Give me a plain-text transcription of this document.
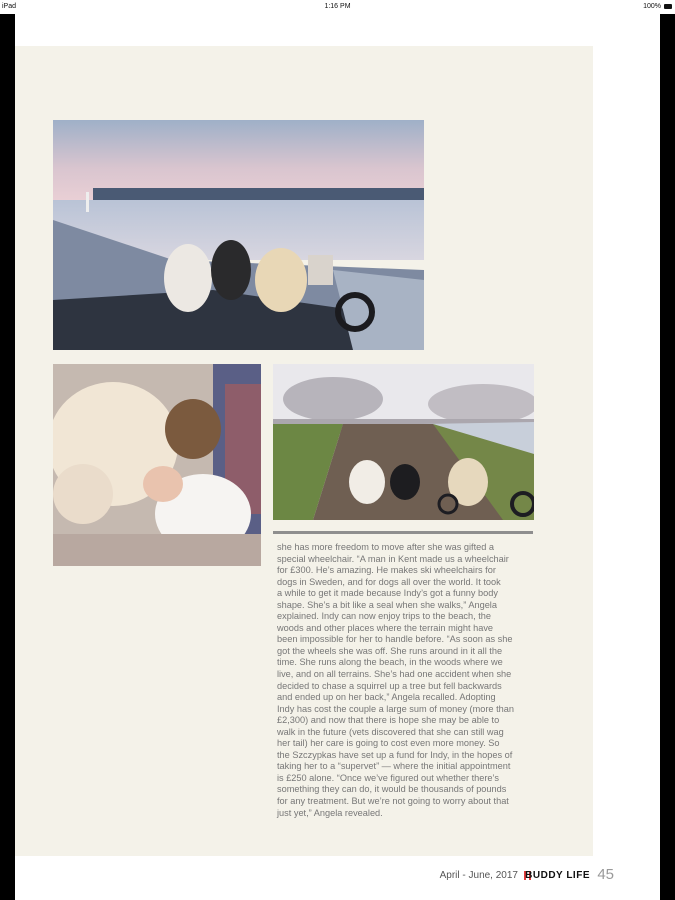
iPad	1:16 PM	100%
she has more freedom to move after she was gifted a
special wheelchair. “A man in Kent made us a wheelchair
for £300. He’s amazing. He makes ski wheelchairs for
dogs in Sweden, and for dogs all over the world. It took
a while to get it made because Indy’s got a funny body
shape. She’s a bit like a seal when she walks,” Angela
explained. Indy can now enjoy trips to the beach, the
woods and other places where the terrain might have
been impossible for her to handle before. “As soon as she
got the wheels she was off. She runs around in it all the
time. She runs along the beach, in the woods where we
live, and on all terrains. She’s had one accident when she
decided to chase a squirrel up a tree but fell backwards
and ended up on her back,” Angela recalled. Adopting
Indy has cost the couple a large sum of money (more than
£2,300) and now that there is hope she may be able to
walk in the future (vets discovered that she can still wag
her tail) her care is going to cost even more money. So
the Szczypkas have set up a fund for Indy, in the hopes of
taking her to a “supervet” — where the initial appointment
is £250 alone. “Once we’ve figured out whether there’s
something they can do, it would be thousands of pounds
for any treatment. But we’re not going to worry about that
just yet,” Angela revealed.
April - June, 2017 BUDDY LIFE 45
